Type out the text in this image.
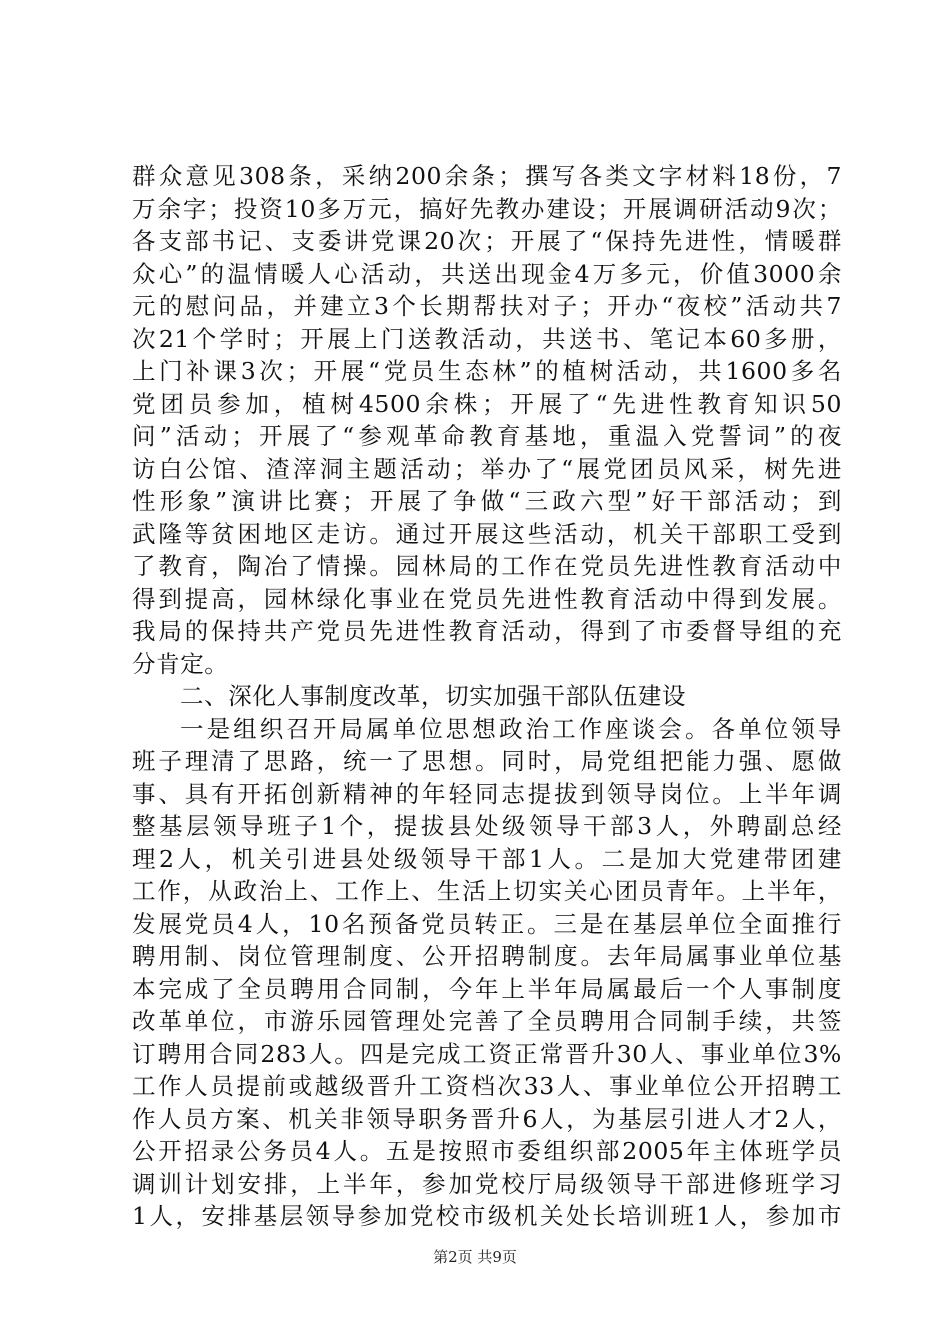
群众意见308条，采纳200余条；撰写各类文字材料18份，7
万余字；投资10多万元，搞好先教办建设；开展调研活动9次；
各支部书记、支委讲党课20次；开展了“保持先进性，情暖群
众心”的温情暖人心活动，共送出现金4万多元，价值3000余
元的慰问品，并建立3个长期帮扶对子；开办“夜校”活动共7
次21个学时；开展上门送教活动，共送书、笔记本60多册，
上门补课3次；开展“党员生态林”的植树活动，共1600多名
党团员参加，植树4500余株；开展了“先进性教育知识50
问”活动；开展了“参观革命教育基地，重温入党誓词”的夜
访白公馆、渣滓洞主题活动；举办了“展党团员风采，树先进
性形象”演讲比赛；开展了争做“三政六型”好干部活动；到
武隆等贫困地区走访。通过开展这些活动，机关干部职工受到
了教育，陶冶了情操。园林局的工作在党员先进性教育活动中
得到提高，园林绿化事业在党员先进性教育活动中得到发展。
我局的保持共产党员先进性教育活动，得到了市委督导组的充
分肯定。
二、深化人事制度改革，切实加强干部队伍建设
一是组织召开局属单位思想政治工作座谈会。各单位领导
班子理清了思路，统一了思想。同时，局党组把能力强、愿做
事、具有开拓创新精神的年轻同志提拔到领导岗位。上半年调
整基层领导班子1个，提拔县处级领导干部3人，外聘副总经
理2人，机关引进县处级领导干部1人。二是加大党建带团建
工作，从政治上、工作上、生活上切实关心团员青年。上半年，
发展党员4人，10名预备党员转正。三是在基层单位全面推行
聘用制、岗位管理制度、公开招聘制度。去年局属事业单位基
本完成了全员聘用合同制，今年上半年局属最后一个人事制度
改革单位，市游乐园管理处完善了全员聘用合同制手续，共签
订聘用合同283人。四是完成工资正常晋升30人、事业单位3%
工作人员提前或越级晋升工资档次33人、事业单位公开招聘工
作人员方案、机关非领导职务晋升6人，为基层引进人才2人，
公开招录公务员4人。五是按照市委组织部2005年主体班学员
调训计划安排，上半年，参加党校厅局级领导干部进修班学习
1人，安排基层领导参加党校市级机关处长培训班1人，参加市
第2页 共9页
